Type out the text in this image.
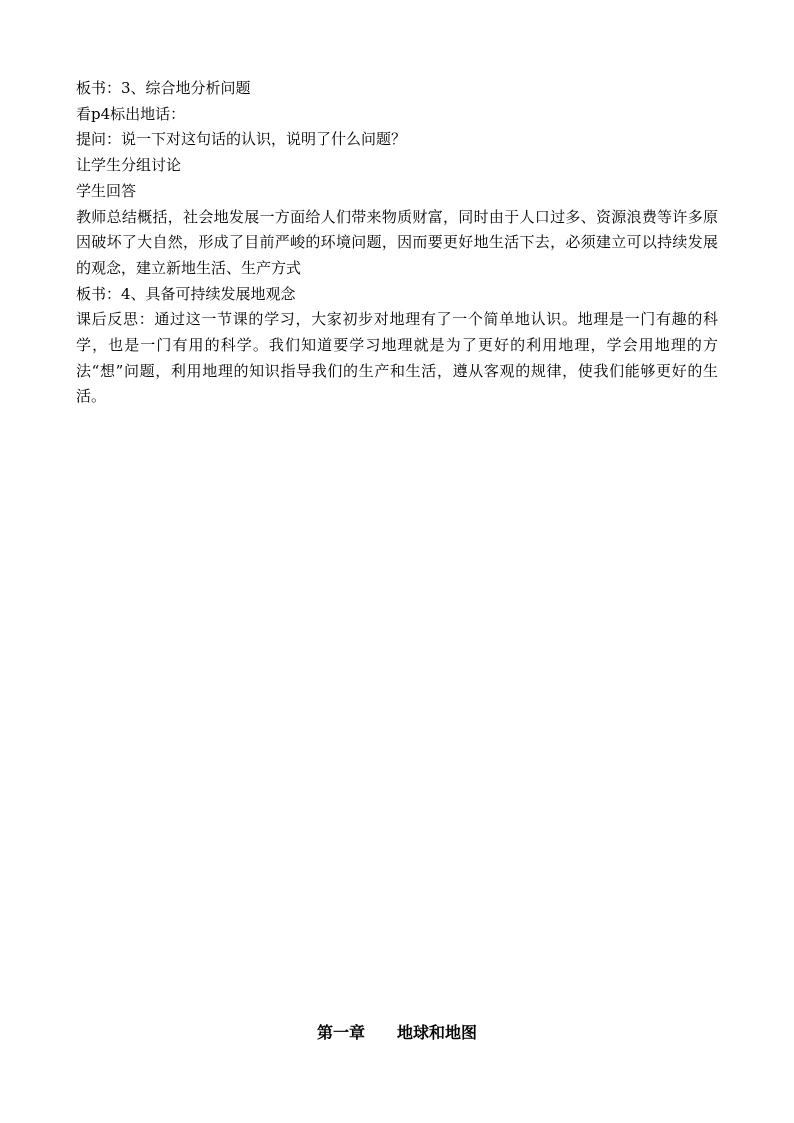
板书：3、综合地分析问题
看p4标出地话：
提问：说一下对这句话的认识，说明了什么问题？
让学生分组讨论
学生回答
教师总结概括，社会地发展一方面给人们带来物质财富，同时由于人口过多、资源浪费等许多原因破坏了大自然，形成了目前严峻的环境问题，因而要更好地生活下去，必须建立可以持续发展的观念，建立新地生活、生产方式
板书：4、具备可持续发展地观念
课后反思：通过这一节课的学习，大家初步对地理有了一个简单地认识。地理是一门有趣的科学，也是一门有用的科学。我们知道要学习地理就是为了更好的利用地理，学会用地理的方法“想”问题，利用地理的知识指导我们的生产和生活，遵从客观的规律，使我们能够更好的生活。
第一章 地球和地图
